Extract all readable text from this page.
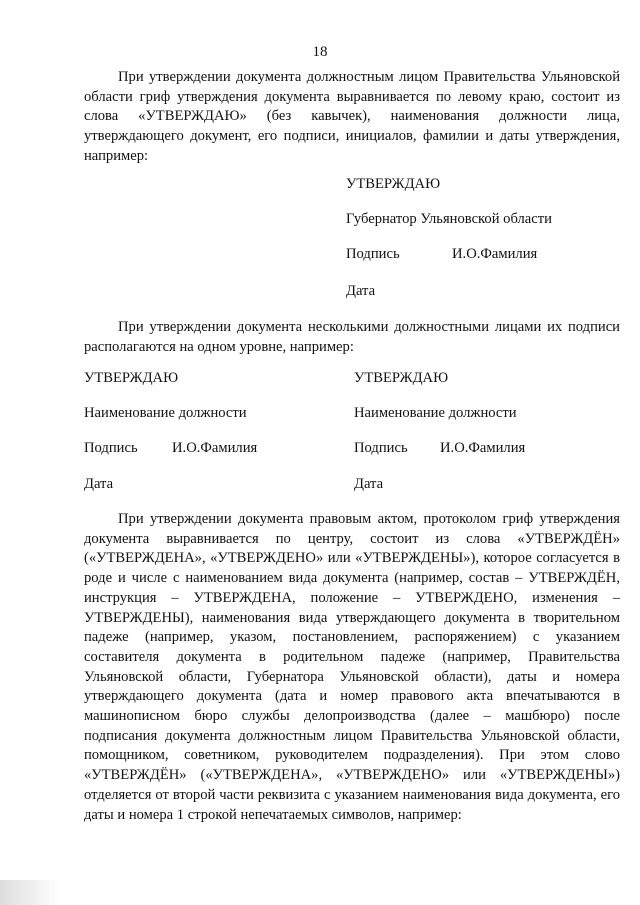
18
При утверждении документа должностным лицом Правительства Ульяновской области гриф утверждения документа выравнивается по левому краю, состоит из слова «УТВЕРЖДАЮ» (без кавычек), наименования должности лица, утверждающего документ, его подписи, инициалов, фамилии и даты утверждения, например:
УТВЕРЖДАЮ
Губернатор Ульяновской области
Подпись	И.О.Фамилия
Дата
При утверждении документа несколькими должностными лицами их подписи располагаются на одном уровне, например:
УТВЕРЖДАЮ
Наименование должности
Подпись И.О.Фамилия
Дата
УТВЕРЖДАЮ
Наименование должности
Подпись И.О.Фамилия
Дата
При утверждении документа правовым актом, протоколом гриф утверждения документа выравнивается по центру, состоит из слова «УТВЕРЖДЁН» («УТВЕРЖДЕНА», «УТВЕРЖДЕНО» или «УТВЕРЖДЕНЫ»), которое согласуется в роде и числе с наименованием вида документа (например, состав – УТВЕРЖДЁН, инструкция – УТВЕРЖДЕНА, положение – УТВЕРЖДЕНО, изменения – УТВЕРЖДЕНЫ), наименования вида утверждающего документа в творительном падеже (например, указом, постановлением, распоряжением) с указанием составителя документа в родительном падеже (например, Правительства Ульяновской области, Губернатора Ульяновской области), даты и номера утверждающего документа (дата и номер правового акта впечатываются в машинописном бюро службы делопроизводства (далее – машбюро) после подписания документа должностным лицом Правительства Ульяновской области, помощником, советником, руководителем подразделения). При этом слово «УТВЕРЖДЁН» («УТВЕРЖДЕНА», «УТВЕРЖДЕНО» или «УТВЕРЖДЕНЫ») отделяется от второй части реквизита с указанием наименования вида документа, его даты и номера 1 строкой непечатаемых символов, например:
